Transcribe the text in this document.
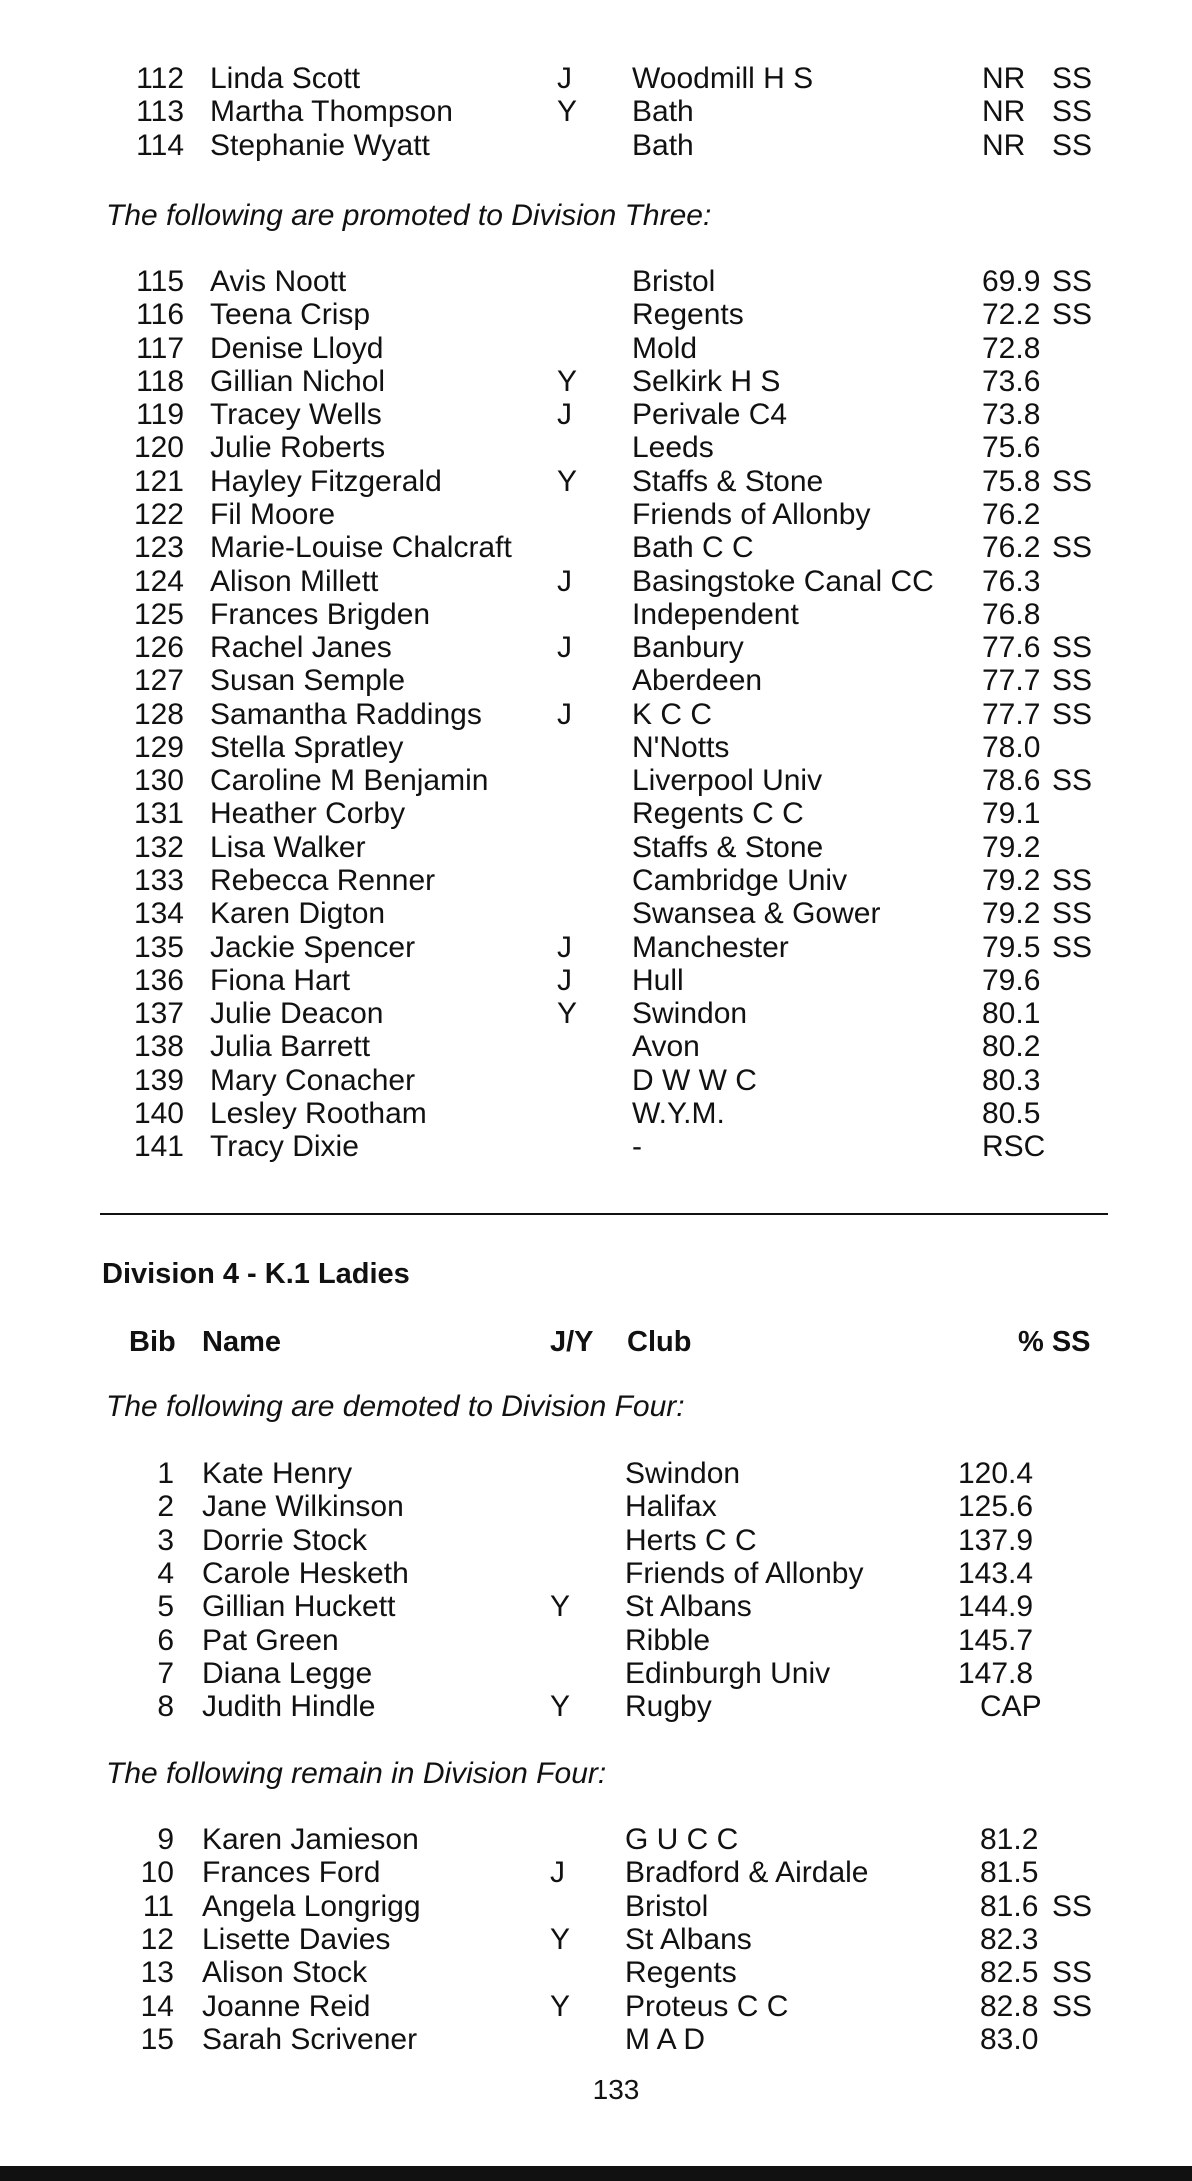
112 Linda Scott	J Woodmill H S	NR SS
113 Martha Thompson	Y Bath	NR SS
114 Stephanie Wyatt	Bath	NR SS
The following are promoted to Division Three:
115 Avis Noott	Bristol	69.9 SS
116 Teena Crisp	Regents	72.2 SS
117 Denise Lloyd	Mold	72.8
118 Gillian Nichol	Y Selkirk H S	73.6
119 Tracey Wells	J Perivale C4	73.8
120 Julie Roberts	Leeds	75.6
121 Hayley Fitzgerald	Y Staffs & Stone	75.8 SS
122 Fil Moore	Friends of Allonby	76.2
123 Marie-Louise Chalcraft	Bath C C	76.2 SS
124 Alison Millett	J Basingstoke Canal CC 76.3
125 Frances Brigden	Independent	76.8
126 Rachel Janes	J Banbury	77.6 SS
127 Susan Semple	Aberdeen	77.7 SS
128 Samantha Raddings	J K C C	77.7 SS
129 Stella Spratley	N'Notts	78.0
130 Caroline M Benjamin	Liverpool Univ	78.6 SS
131 Heather Corby	Regents C C	79.1
132 Lisa Walker	Staffs & Stone	79.2
133 Rebecca Renner	Cambridge Univ	79.2 SS
134 Karen Digton	Swansea & Gower	79.2 SS
135 Jackie Spencer	J Manchester	79.5 SS
136 Fiona Hart	J Hull	79.6
137 Julie Deacon	Y Swindon	80.1
138 Julia Barrett	Avon	80.2
139 Mary Conacher	D W W C	80.3
140 Lesley Rootham	W.Y.M.	80.5
141 Tracy Dixie	-	RSC
Division 4 - K.1 Ladies
Bib Name	J/Y Club	% SS
The following are demoted to Division Four:
1 Kate Henry	Swindon	120.4
2 Jane Wilkinson	Halifax	125.6
3 Dorrie Stock	Herts C C	137.9
4 Carole Hesketh	Friends of Allonby	143.4
5 Gillian Huckett	Y St Albans	144.9
6 Pat Green	Ribble	145.7
7 Diana Legge	Edinburgh Univ	147.8
8 Judith Hindle	Y Rugby	CAP
The following remain in Division Four:
9 Karen Jamieson	G U C C	81.2
10 Frances Ford	J Bradford & Airdale	81.5
11 Angela Longrigg	Bristol	81.6 SS
12 Lisette Davies	Y St Albans	82.3
13 Alison Stock	Regents	82.5 SS
14 Joanne Reid	Y Proteus C C	82.8 SS
15 Sarah Scrivener	M A D	83.0
133
